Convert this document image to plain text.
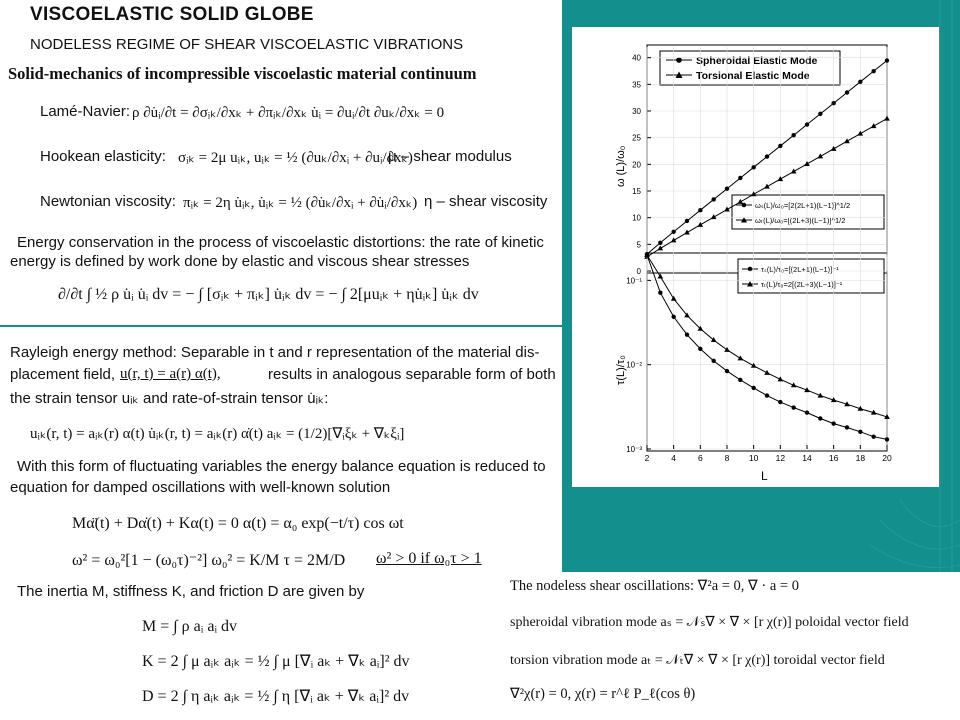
VISCOELASTIC SOLID GLOBE
NODELESS REGIME OF SHEAR VISCOELASTIC VIBRATIONS
Solid-mechanics of incompressible viscoelastic material continuum
Lamé-Navier: ρ ∂u̇ᵢ/∂t = ∂σᵢₖ/∂xₖ + ∂πᵢₖ/∂xₖ u̇ᵢ = ∂uᵢ/∂t ∂uₖ/∂xₖ = 0
Hookean elasticity: σᵢₖ = 2μ uᵢₖ, uᵢₖ = ½ (∂uₖ/∂xᵢ + ∂uᵢ/∂xₖ)
μ – shear modulus
Newtonian viscosity: πᵢₖ = 2η u̇ᵢₖ, u̇ᵢₖ = ½ (∂u̇ₖ/∂xᵢ + ∂u̇ᵢ/∂xₖ) η – shear viscosity
Energy conservation in the process of viscoelastic distortions: the rate of kinetic
energy is defined by work done by elastic and viscous shear stresses
∂/∂t ∫ ½ ρ u̇ᵢ u̇ᵢ dv = − ∫ [σᵢₖ + πᵢₖ] u̇ᵢₖ dv = − ∫ 2[μuᵢₖ + ηu̇ᵢₖ] u̇ᵢₖ dv
Rayleigh energy method: Separable in t and r representation of the material dis-
placement field, u(r, t) = a(r) α(t),	results in analogous separable form of both
the strain tensor uᵢₖ and rate-of-strain tensor u̇ᵢₖ:
uᵢₖ(r, t) = aᵢₖ(r) α(t) u̇ᵢₖ(r, t) = aᵢₖ(r) α̇(t) aᵢₖ = (1/2)[∇ᵢξₖ + ∇ₖξᵢ]
With this form of fluctuating variables the energy balance equation is reduced to
equation for damped oscillations with well-known solution
Mα̈(t) + Dα̇(t) + Kα(t) = 0 α(t) = α₀ exp(−t/τ) cos ωt
ω² = ω₀²[1 − (ω₀τ)⁻²] ω₀² = K/M τ = 2M/D ω² > 0 if ω₀τ > 1
The inertia M, stiffness K, and friction D are given by
M = ∫ ρ aᵢ aᵢ dv
K = 2 ∫ μ aᵢₖ aᵢₖ = ½ ∫ μ [∇ᵢ aₖ + ∇ₖ aᵢ]² dv
D = 2 ∫ η aᵢₖ aᵢₖ = ½ ∫ η [∇ᵢ aₖ + ∇ₖ aᵢ]² dv
Spheroidal Elastic Mode
Torsional Elastic Mode
ωₛ(L)/ω₀=[2(2L+1)(L−1)]^1/2
ωₜ(L)/ω₀=[(2L+3)(L−1)]^1/2
τₛ(L)/τ₀=[(2L+1)(L−1)]⁻¹
τₜ(L)/τ₀=2[(2L+3)(L−1)]⁻¹
ω (L)/ω₀
τ(L)/τ₀
L
0
5
10
15
20
25
30
35
40
10⁻¹
10⁻²
10⁻³
2	4	6	8 10 12 14 16 18 20
The nodeless shear oscillations: ∇²a = 0, ∇ · a = 0
spheroidal vibration mode aₛ = 𝒩ₛ∇ × ∇ × [r χ(r)] poloidal vector field
torsion vibration mode aₜ = 𝒩ₜ∇ × ∇ × [r χ(r)] toroidal vector field
∇²χ(r) = 0, χ(r) = r^ℓ P_ℓ(cos θ)
